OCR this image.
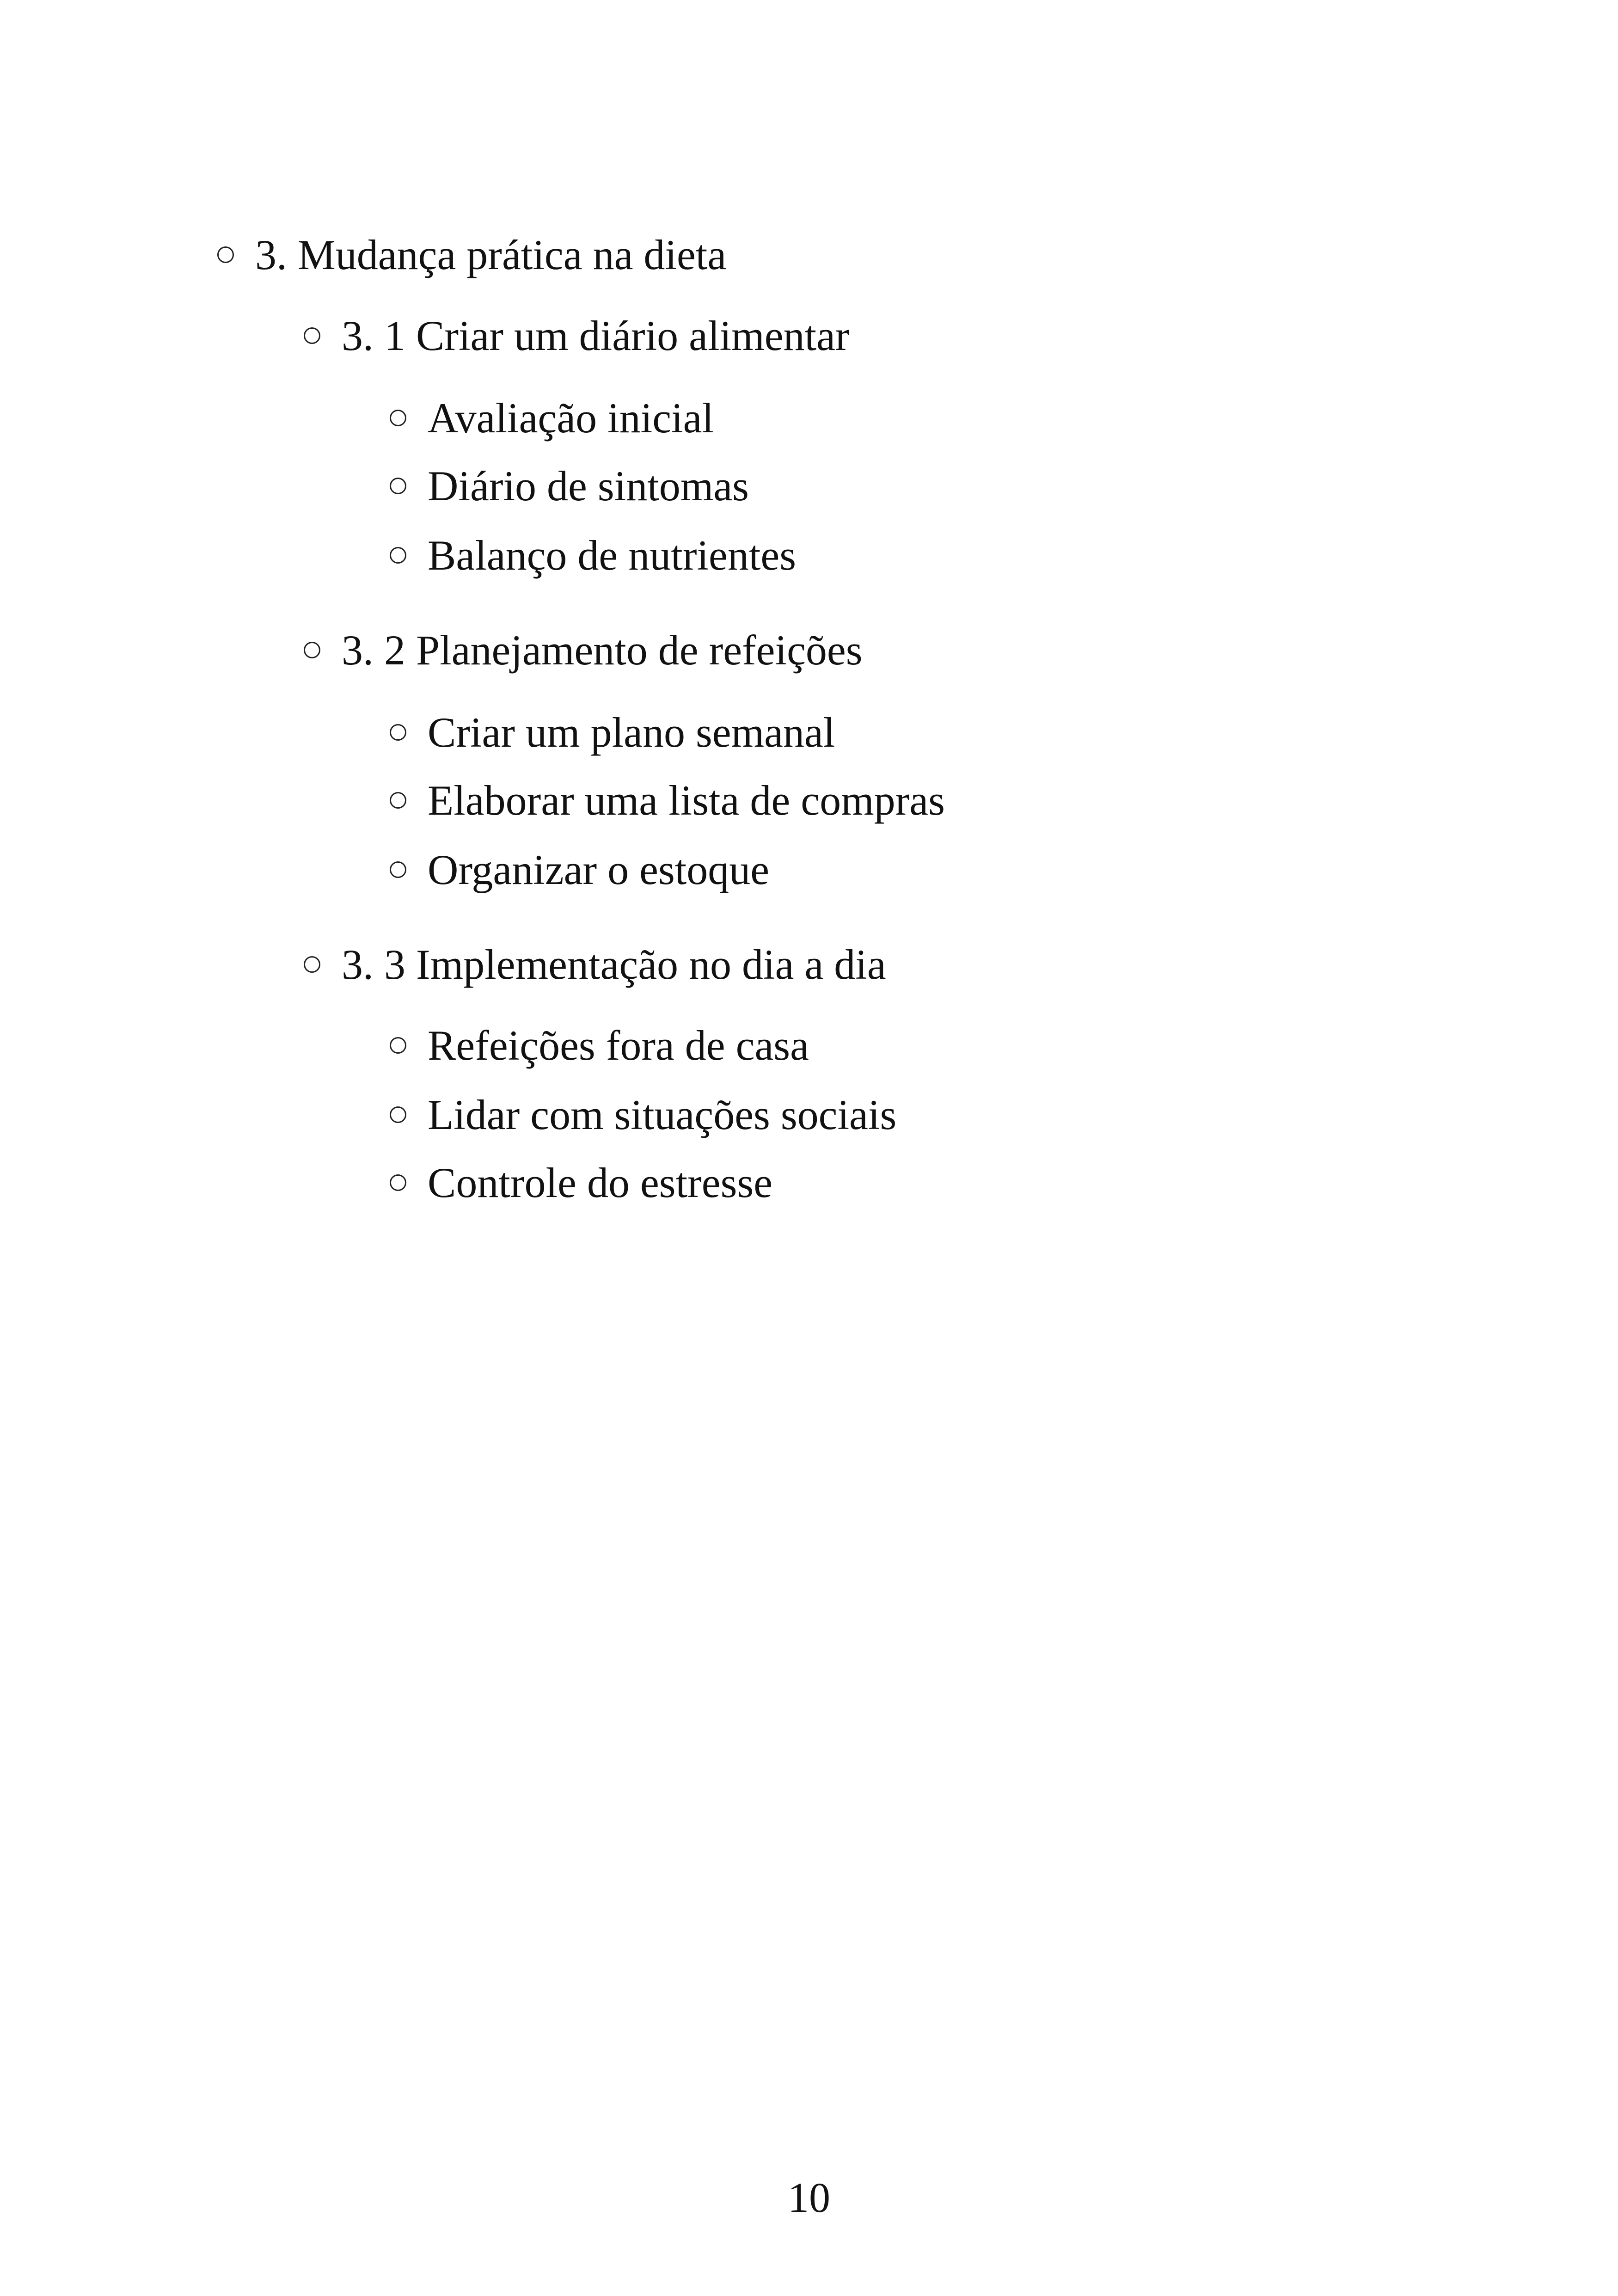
3. Mudança prática na dieta
3. 1 Criar um diário alimentar
Avaliação inicial
Diário de sintomas
Balanço de nutrientes
3. 2 Planejamento de refeições
Criar um plano semanal
Elaborar uma lista de compras
Organizar o estoque
3. 3 Implementação no dia a dia
Refeições fora de casa
Lidar com situações sociais
Controle do estresse
10
